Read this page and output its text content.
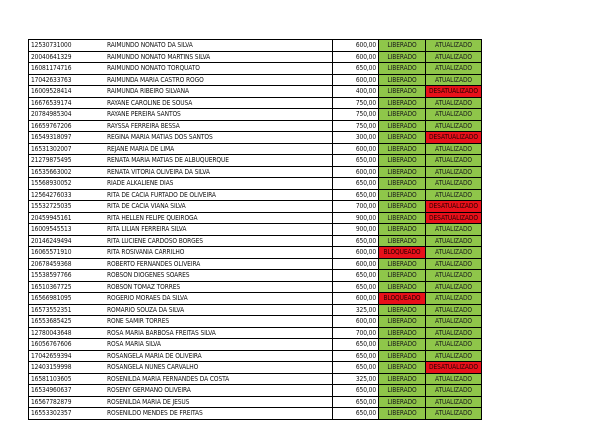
12530731000	RAIMUNDO NONATO DA SILVA	600,00	LIBERADO	ATUALIZADO
20040641329	RAIMUNDO NONATO MARTINS SILVA	600,00	LIBERADO	ATUALIZADO
16081174716	RAIMUNDO NONATO TORQUATO	650,00	LIBERADO	ATUALIZADO
17042633763	RAIMUNDA MARIA CASTRO ROGO	600,00	LIBERADO	ATUALIZADO
16009528414	RAIMUNDA RIBEIRO SILVANA	400,00	LIBERADO	DESATUALIZADO
16676539174	RAYANE CAROLINE DE SOUSA	750,00	LIBERADO	ATUALIZADO
20784985304	RAYANE PEREIRA SANTOS	750,00	LIBERADO	ATUALIZADO
16659767206	RAYSSA FERREIRA BESSA	750,00	LIBERADO	ATUALIZADO
16549318097	REGINA MARIA MATIAS DOS SANTOS	300,00	LIBERADO	DESATUALIZADO
16531302007	REJANE MARIA DE LIMA	600,00	LIBERADO	ATUALIZADO
21279875495	RENATA MARIA MATIAS DE ALBUQUERQUE	650,00	LIBERADO	ATUALIZADO
16535663002	RENATA VITORIA OLIVEIRA DA SILVA	600,00	LIBERADO	ATUALIZADO
15568930052	RIADE ALKALIENE DIAS	650,00	LIBERADO	ATUALIZADO
12564276033	RITA DE CACIA FURTADO DE OLIVEIRA	650,00	LIBERADO	ATUALIZADO
15532725035	RITA DE CACIA VIANA SILVA	700,00	LIBERADO	DESATUALIZADO
20459945161	RITA HELLEN FELIPE QUEIROGA	900,00	LIBERADO	DESATUALIZADO
16009545513	RITA LILIAN FERREIRA SILVA	900,00	LIBERADO	ATUALIZADO
20146249494	RITA LUCIENE CARDOSO BORGES	650,00	LIBERADO	ATUALIZADO
16065571910	RITA ROSIVANIA CARRILHO	600,00	BLOQUEADO	ATUALIZADO
20678459368	ROBERTO FERNANDES OLIVEIRA	600,00	LIBERADO	ATUALIZADO
15538597766	ROBSON DIOGENES SOARES	650,00	LIBERADO	ATUALIZADO
16510367725	ROBSON TOMAZ TORRES	650,00	LIBERADO	ATUALIZADO
16566981095	ROGERIO MORAES DA SILVA	600,00	BLOQUEADO	ATUALIZADO
16573552351	ROMARIO SOUZA DA SILVA	325,00	LIBERADO	ATUALIZADO
16553685425	RONE SAMIR TORRES	600,00	LIBERADO	ATUALIZADO
12780043648	ROSA MARIA BARBOSA FREITAS SILVA	700,00	LIBERADO	ATUALIZADO
16056767606	ROSA MARIA SILVA	650,00	LIBERADO	ATUALIZADO
17042659394	ROSANGELA MARIA DE OLIVEIRA	650,00	LIBERADO	ATUALIZADO
12403159998	ROSANGELA NUNES CARVALHO	650,00	LIBERADO	DESATUALIZADO
16581103605	ROSENILDA MARIA FERNANDES DA COSTA	325,00	LIBERADO	ATUALIZADO
16534960637	ROSENY GERMANO OLIVEIRA	650,00	LIBERADO	ATUALIZADO
16567782879	ROSENILDA MARIA DE JESUS	650,00	LIBERADO	ATUALIZADO
16553302357	ROSENILDO MENDES DE FREITAS	650,00	LIBERADO	ATUALIZADO
